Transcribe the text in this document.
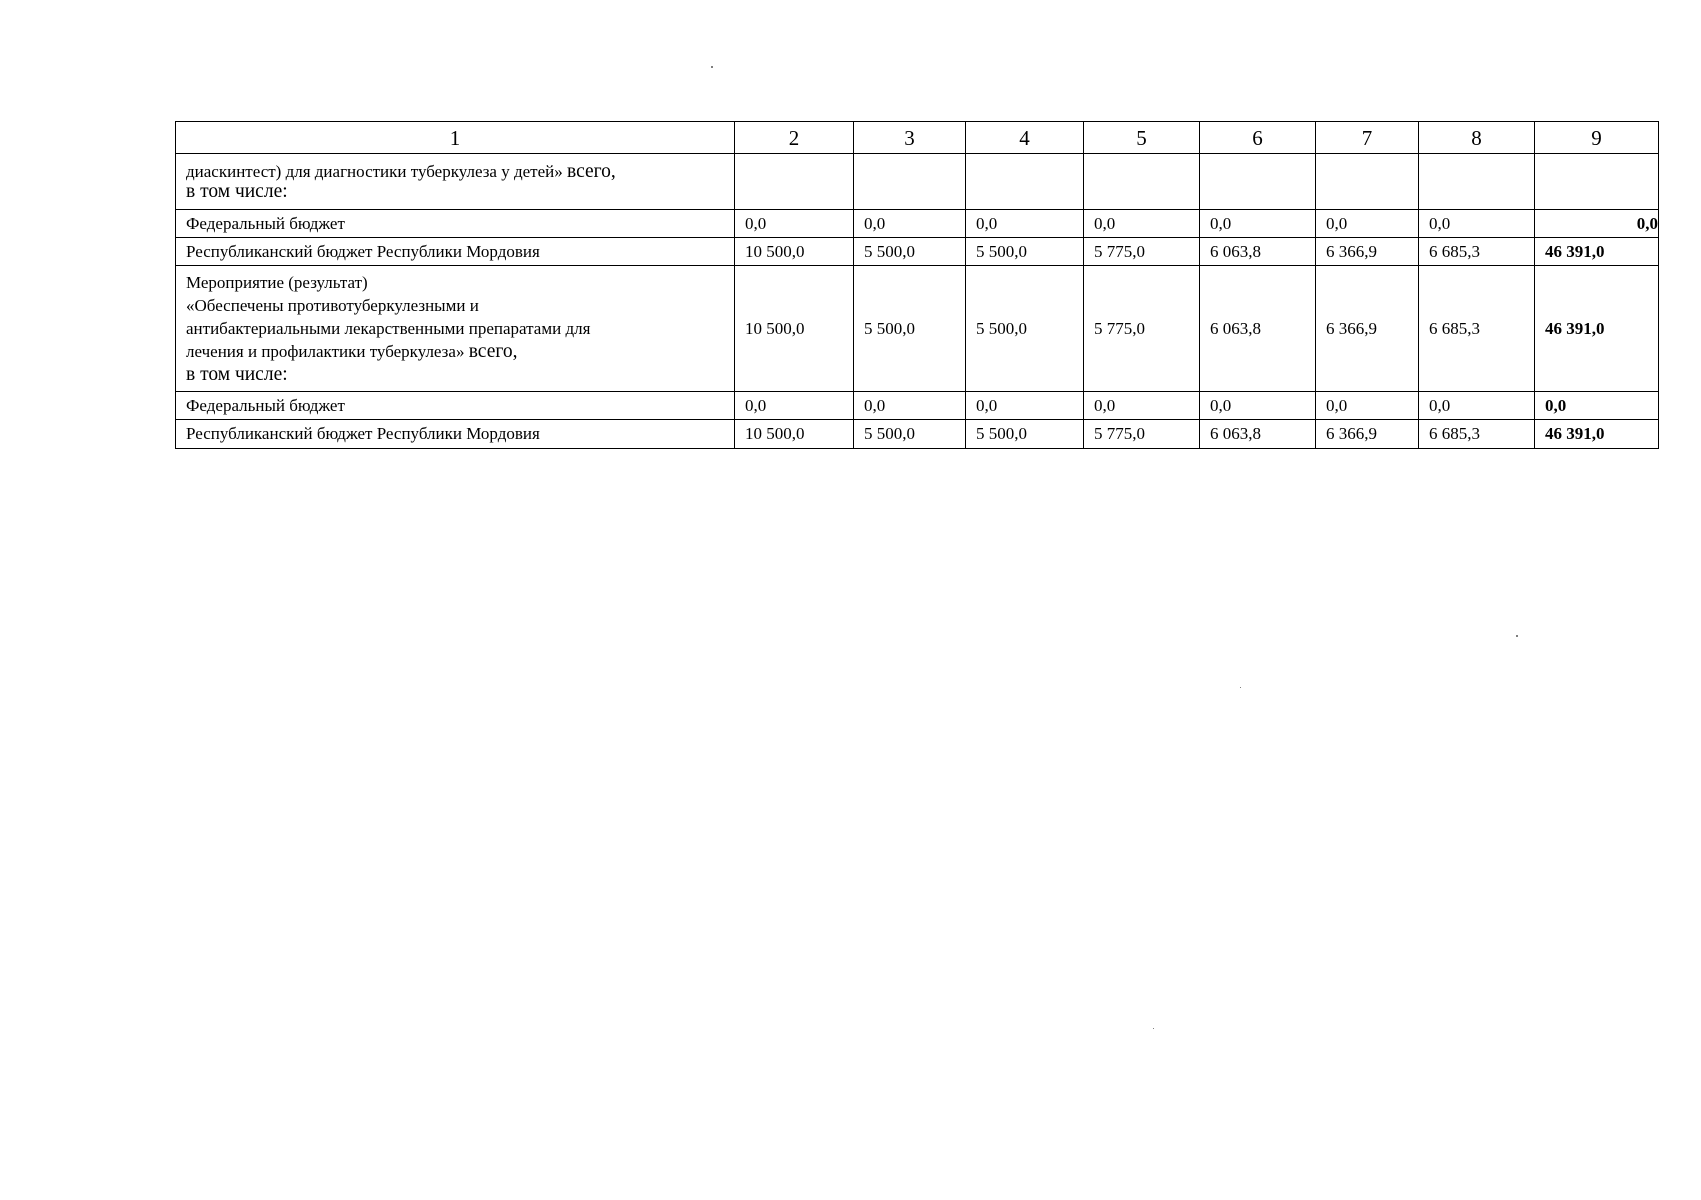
1	2	3	4	5	6	7	8	9

диаскинтест) для диагностики туберкулеза у детей» всего,
в том числе:								

Федеральный бюджет	0,0	0,0	0,0	0,0	0,0	0,0	0,0	0,0
Республиканский бюджет Республики Мордовия	10 500,0	5 500,0	5 500,0	5 775,0	6 063,8	6 366,9	6 685,3	46 391,0

Мероприятие (результат)
«Обеспечены противотуберкулезными и
антибактериальными лекарственными препаратами для
лечения и профилактики туберкулеза» всего,
в том числе:	10 500,0	5 500,0	5 500,0	5 775,0	6 063,8	6 366,9	6 685,3	46 391,0
Федеральный бюджет	0,0	0,0	0,0	0,0	0,0	0,0	0,0	0,0
Республиканский бюджет Республики Мордовия	10 500,0	5 500,0	5 500,0	5 775,0	6 063,8	6 366,9	6 685,3	46 391,0
